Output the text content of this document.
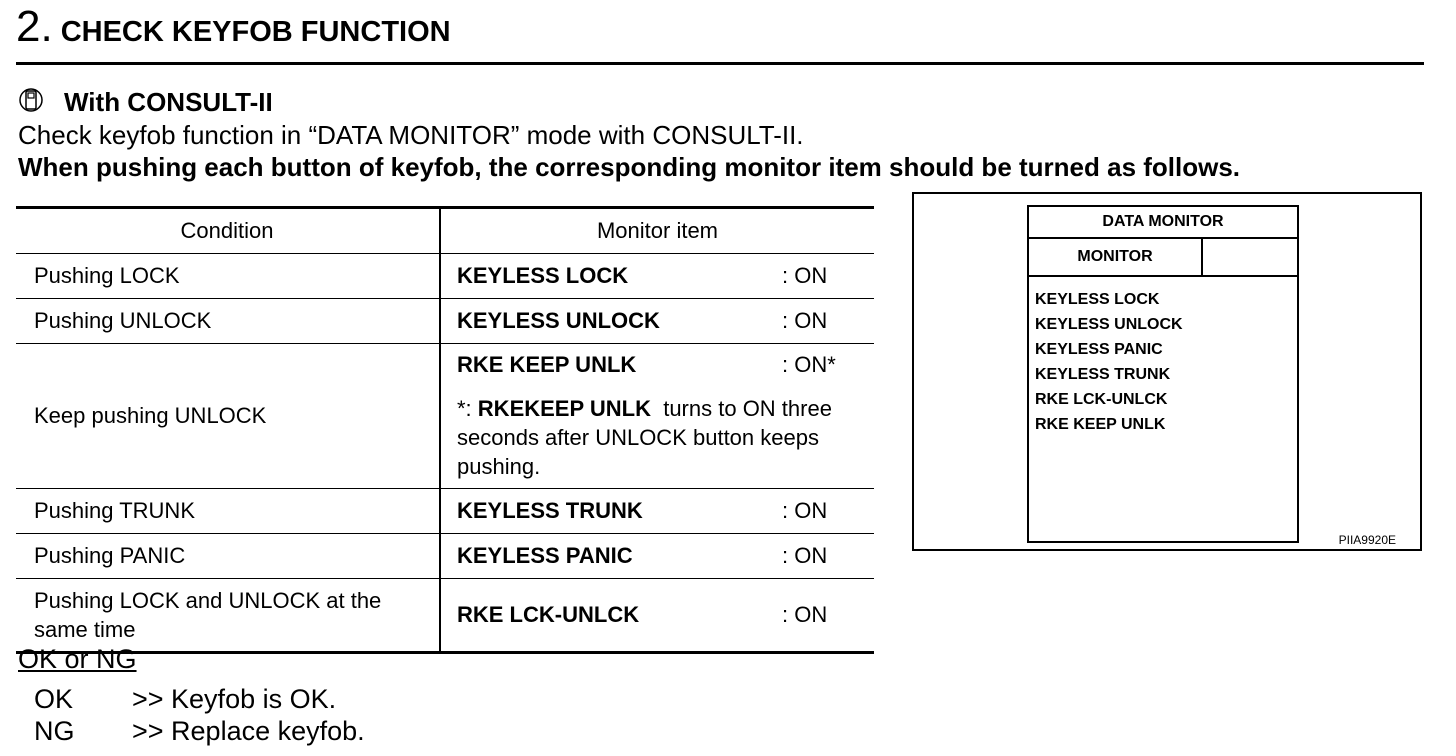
2. CHECK KEYFOB FUNCTION
With CONSULT-II
Check keyfob function in “DATA MONITOR” mode with CONSULT-II.
When pushing each button of keyfob, the corresponding monitor item should be turned as follows.
Condition	Monitor item
Pushing LOCK	KEYLESS LOCK : ON

Pushing UNLOCK	KEYLESS UNLOCK : ON

Keep pushing UNLOCK	RKE KEEP UNLK : ON*
*: RKEKEEP UNLK  turns to ON three seconds after UNLOCK button keeps pushing.

Pushing TRUNK	KEYLESS TRUNK : ON

Pushing PANIC	KEYLESS PANIC : ON

Pushing LOCK and UNLOCK at the same time	RKE LCK-UNLCK : ON
OK or NG
OK >> Keyfob is OK.
NG >> Replace keyfob.
DATA MONITOR
MONITOR
KEYLESS LOCK
KEYLESS UNLOCK
KEYLESS PANIC
KEYLESS TRUNK
RKE LCK-UNLCK
RKE KEEP UNLK
PIIA9920E
